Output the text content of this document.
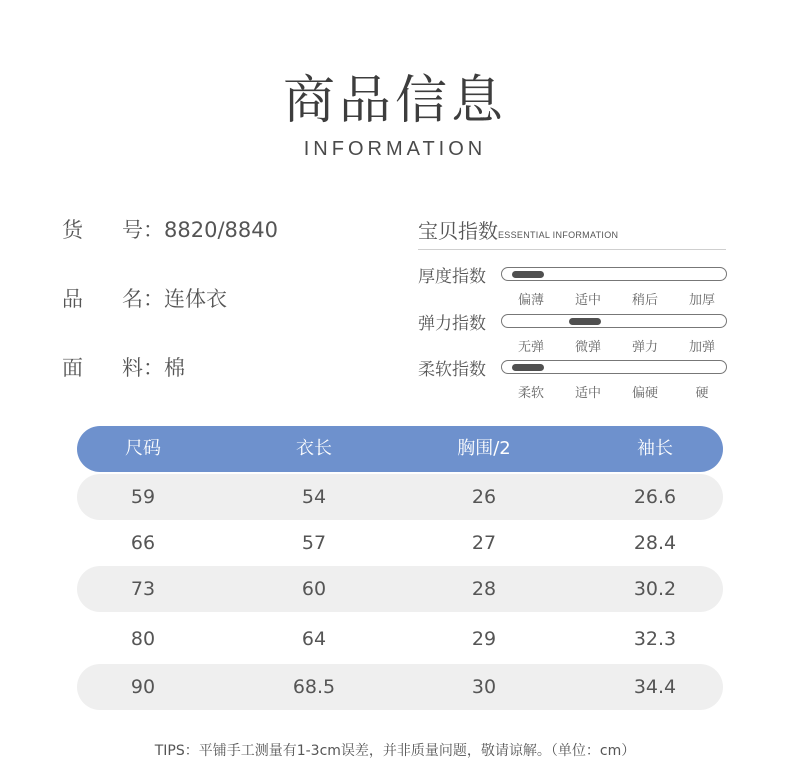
商品信息
INFORMATION
货 号：8820/8840
品 名：连体衣
面 料：棉
宝贝指数ESSENTIAL INFORMATION
厚度指数
偏薄	适中	稍后	加厚
弹力指数
无弹	微弹	弹力	加弹
柔软指数
柔软	适中	偏硬	硬
尺码	衣长	胸围/2	袖长
59	54	26	26.6
66	57	27	28.4
73	60	28	30.2
80	64	29	32.3
90	68.5	30	34.4
TIPS：平铺手工测量有1-3cm误差，并非质量问题，敬请谅解。（单位：cm）
